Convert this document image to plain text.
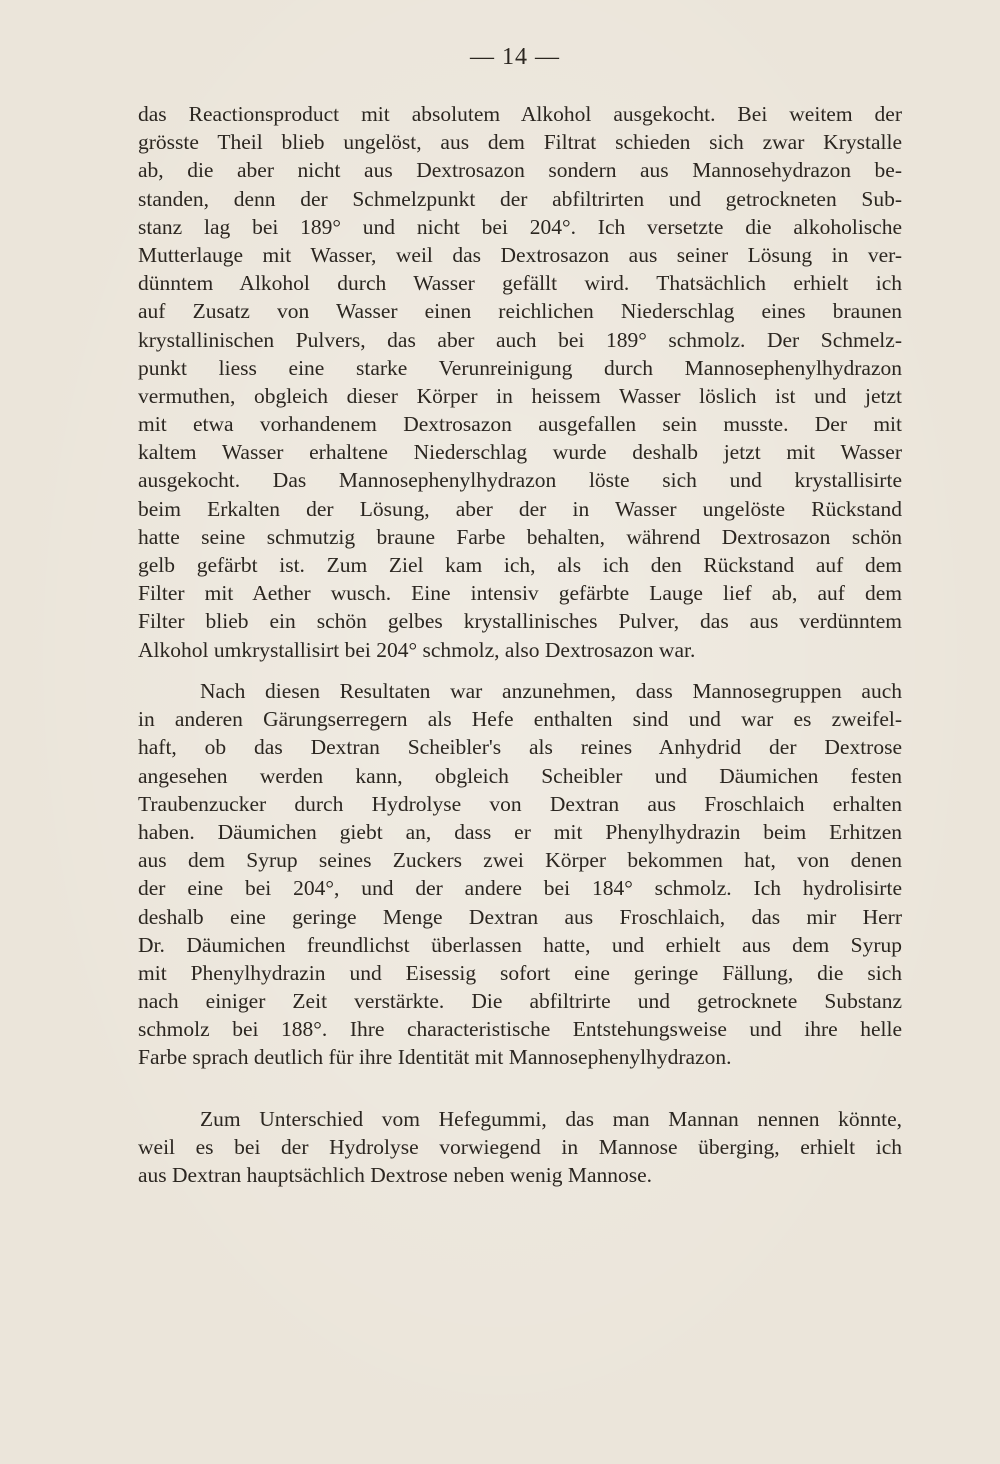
— 14 —
das Reactionsproduct mit absolutem Alkohol ausgekocht. Bei weitem der
grösste Theil blieb ungelöst, aus dem Filtrat schieden sich zwar Krystalle
ab, die aber nicht aus Dextrosazon sondern aus Mannosehydrazon be-
standen, denn der Schmelzpunkt der abfiltrirten und getrockneten Sub-
stanz lag bei 189° und nicht bei 204°. Ich versetzte die alkoholische
Mutterlauge mit Wasser, weil das Dextrosazon aus seiner Lösung in ver-
dünntem Alkohol durch Wasser gefällt wird. Thatsächlich erhielt ich
auf Zusatz von Wasser einen reichlichen Niederschlag eines braunen
krystallinischen Pulvers, das aber auch bei 189° schmolz. Der Schmelz-
punkt liess eine starke Verunreinigung durch Mannosephenylhydrazon
vermuthen, obgleich dieser Körper in heissem Wasser löslich ist und jetzt
mit etwa vorhandenem Dextrosazon ausgefallen sein musste. Der mit
kaltem Wasser erhaltene Niederschlag wurde deshalb jetzt mit Wasser
ausgekocht. Das Mannosephenylhydrazon löste sich und krystallisirte
beim Erkalten der Lösung, aber der in Wasser ungelöste Rückstand
hatte seine schmutzig braune Farbe behalten, während Dextrosazon schön
gelb gefärbt ist. Zum Ziel kam ich, als ich den Rückstand auf dem
Filter mit Aether wusch. Eine intensiv gefärbte Lauge lief ab, auf dem
Filter blieb ein schön gelbes krystallinisches Pulver, das aus verdünntem
Alkohol umkrystallisirt bei 204° schmolz, also Dextrosazon war.
Nach diesen Resultaten war anzunehmen, dass Mannosegruppen auch
in anderen Gärungserregern als Hefe enthalten sind und war es zweifel-
haft, ob das Dextran Scheibler's als reines Anhydrid der Dextrose
angesehen werden kann, obgleich Scheibler und Däumichen festen
Traubenzucker durch Hydrolyse von Dextran aus Froschlaich erhalten
haben. Däumichen giebt an, dass er mit Phenylhydrazin beim Erhitzen
aus dem Syrup seines Zuckers zwei Körper bekommen hat, von denen
der eine bei 204°, und der andere bei 184° schmolz. Ich hydrolisirte
deshalb eine geringe Menge Dextran aus Froschlaich, das mir Herr
Dr. Däumichen freundlichst überlassen hatte, und erhielt aus dem Syrup
mit Phenylhydrazin und Eisessig sofort eine geringe Fällung, die sich
nach einiger Zeit verstärkte. Die abfiltrirte und getrocknete Substanz
schmolz bei 188°. Ihre characteristische Entstehungsweise und ihre helle
Farbe sprach deutlich für ihre Identität mit Mannosephenylhydrazon.
Zum Unterschied vom Hefegummi, das man Mannan nennen könnte,
weil es bei der Hydrolyse vorwiegend in Mannose überging, erhielt ich
aus Dextran hauptsächlich Dextrose neben wenig Mannose.
